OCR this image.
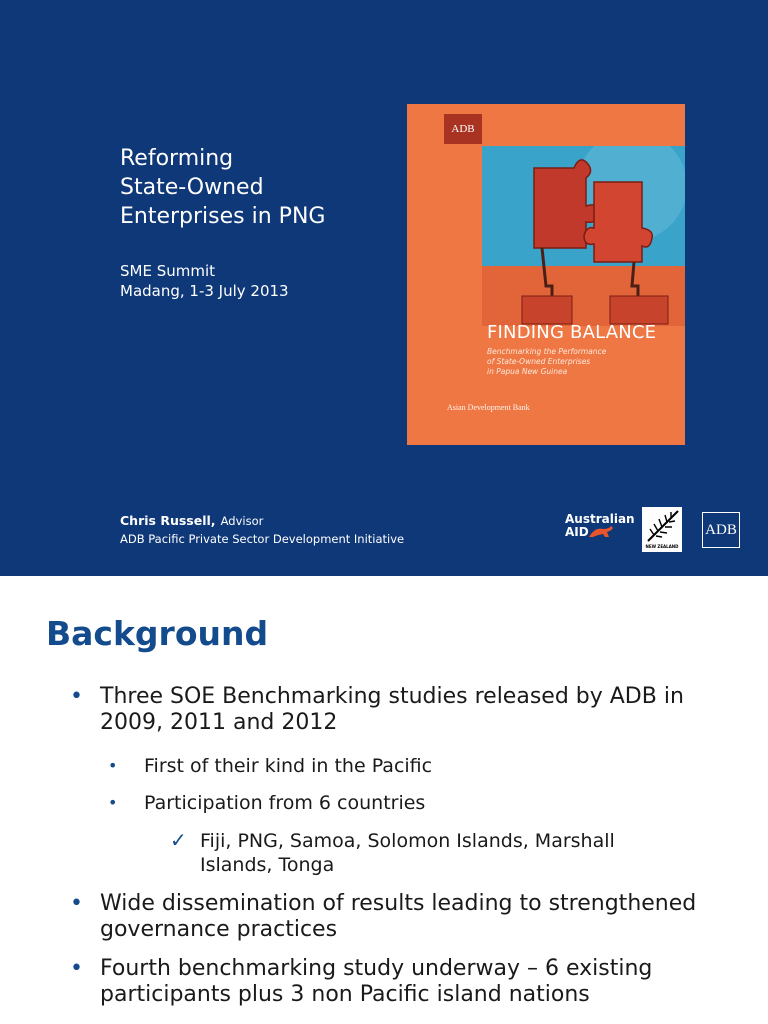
Reforming
State-Owned
Enterprises in PNG
SME Summit
Madang, 1-3 July 2013
ADB
FINDING BALANCE
Benchmarking the Performance
of State-Owned Enterprises
in Papua New Guinea
Asian Development Bank
Chris Russell, Advisor
ADB Pacific Private Sector Development Initiative
Australian
AID
NEW ZEALAND
ADB
Background
• Three SOE Benchmarking studies released by ADB in 2009, 2011 and 2012
• First of their kind in the Pacific
• Participation from 6 countries
✓ Fiji, PNG, Samoa, Solomon Islands, Marshall Islands, Tonga
• Wide dissemination of results leading to strengthened governance practices
• Fourth benchmarking study underway – 6 existing participants plus 3 non Pacific island nations
